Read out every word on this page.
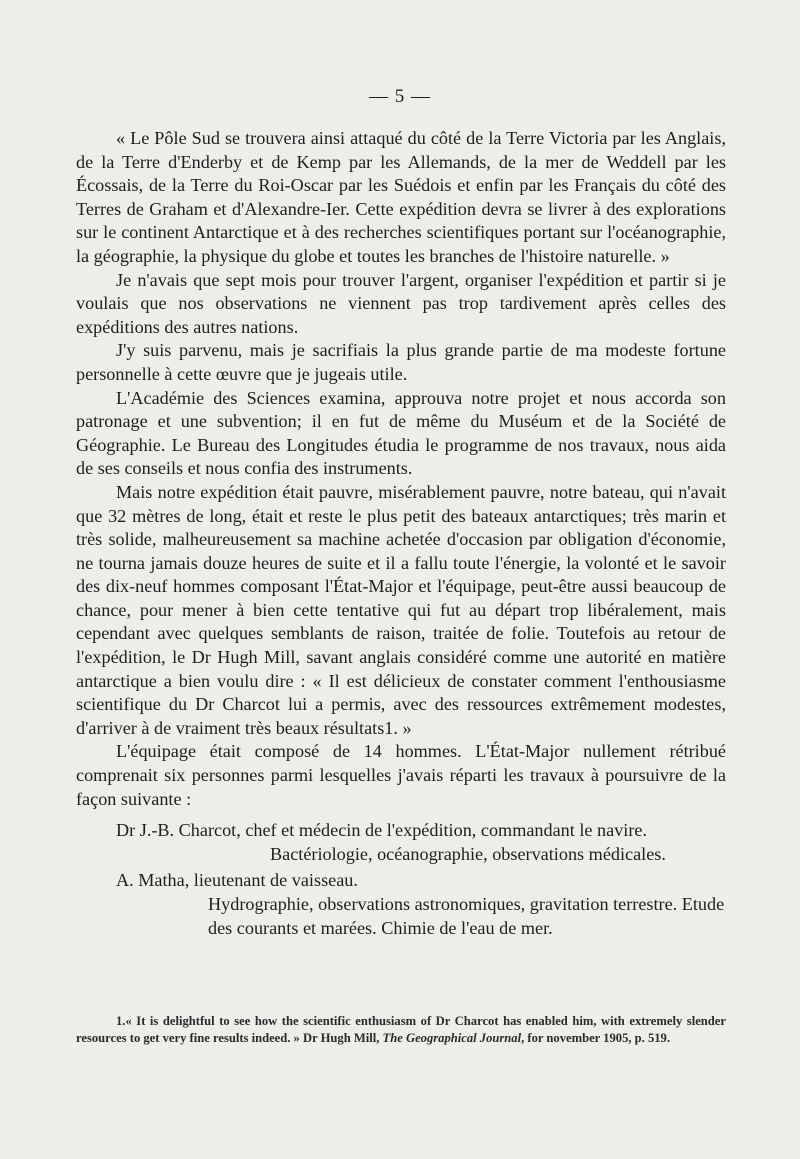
— 5 —

« Le Pôle Sud se trouvera ainsi attaqué du côté de la Terre Victoria par les Anglais, de la Terre d'Enderby et de Kemp par les Allemands, de la mer de Weddell par les Écossais, de la Terre du Roi-Oscar par les Suédois et enfin par les Français du côté des Terres de Graham et d'Alexandre-Ier. Cette expédition devra se livrer à des explorations sur le continent Antarctique et à des recherches scientifiques portant sur l'océanographie, la géographie, la physique du globe et toutes les branches de l'histoire naturelle. »

Je n'avais que sept mois pour trouver l'argent, organiser l'expédition et partir si je voulais que nos observations ne viennent pas trop tardivement après celles des expéditions des autres nations.

J'y suis parvenu, mais je sacrifiais la plus grande partie de ma modeste fortune personnelle à cette œuvre que je jugeais utile.

L'Académie des Sciences examina, approuva notre projet et nous accorda son patronage et une subvention; il en fut de même du Muséum et de la Société de Géographie. Le Bureau des Longitudes étudia le programme de nos travaux, nous aida de ses conseils et nous confia des instruments.

Mais notre expédition était pauvre, misérablement pauvre, notre bateau, qui n'avait que 32 mètres de long, était et reste le plus petit des bateaux antarctiques; très marin et très solide, malheureusement sa machine achetée d'occasion par obligation d'économie, ne tourna jamais douze heures de suite et il a fallu toute l'énergie, la volonté et le savoir des dix-neuf hommes composant l'État-Major et l'équipage, peut-être aussi beaucoup de chance, pour mener à bien cette tentative qui fut au départ trop libéralement, mais cependant avec quelques semblants de raison, traitée de folie. Toutefois au retour de l'expédition, le Dr Hugh Mill, savant anglais considéré comme une autorité en matière antarctique a bien voulu dire : « Il est délicieux de constater comment l'enthousiasme scientifique du Dr Charcot lui a permis, avec des ressources extrêmement modestes, d'arriver à de vraiment très beaux résultats1. »

L'équipage était composé de 14 hommes. L'État-Major nullement rétribué comprenait six personnes parmi lesquelles j'avais réparti les travaux à poursuivre de la façon suivante :

Dr J.-B. Charcot, chef et médecin de l'expédition, commandant le navire.
Bactériologie, océanographie, observations médicales.
A. Matha, lieutenant de vaisseau.
Hydrographie, observations astronomiques, gravitation terrestre. Etude des courants et marées. Chimie de l'eau de mer.

1.« It is delightful to see how the scientific enthusiasm of Dr Charcot has enabled him, with extremely slender resources to get very fine results indeed. » Dr Hugh Mill, The Geographical Journal, for november 1905, p. 519.
